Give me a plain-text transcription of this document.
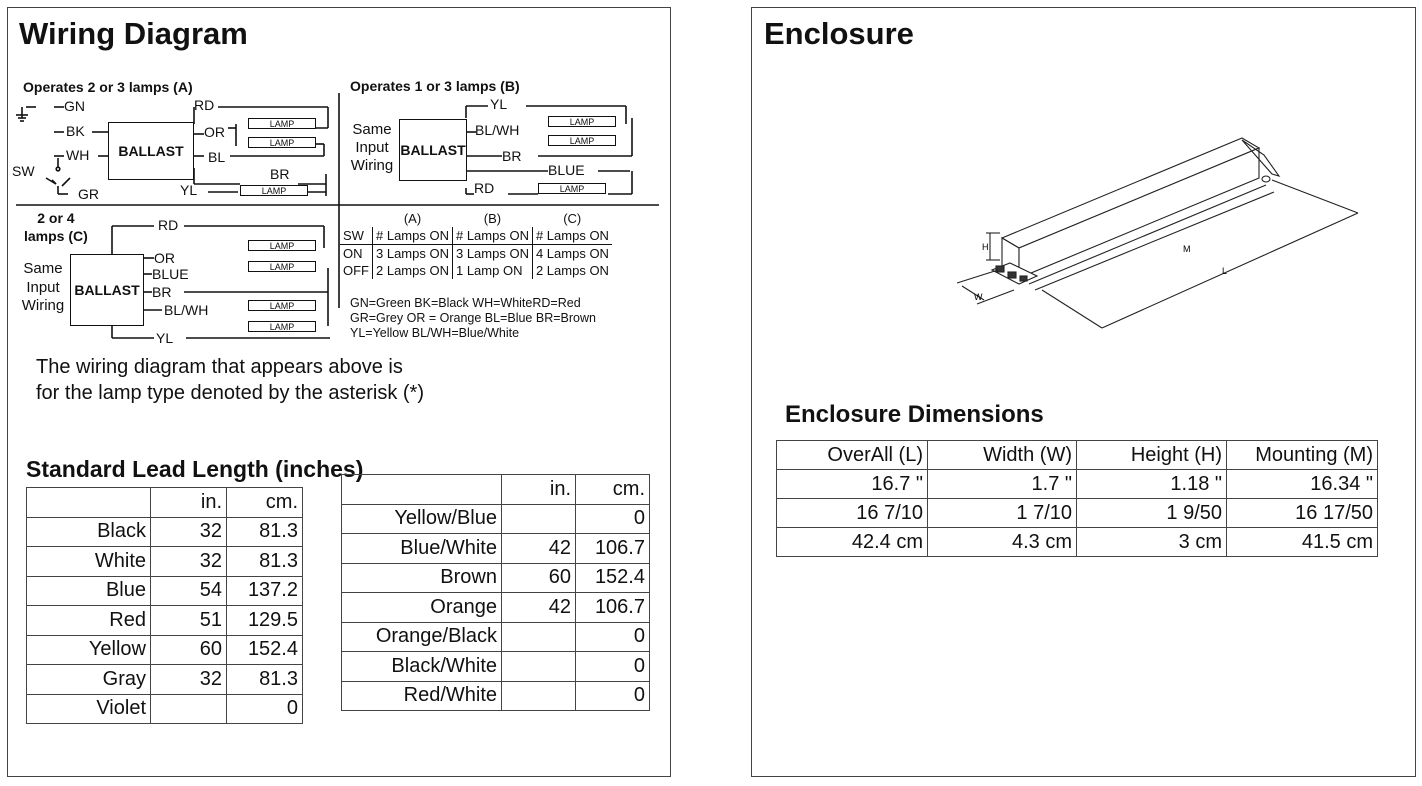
Wiring Diagram
Operates 2 or 3 lamps (A)
GN
BK
WH
GR
SW
BALLAST
RD
OR
BL
BR
YL
LAMP
LAMP
LAMP
Operates 1 or 3 lamps (B)
Same
Input
Wiring
BALLAST
YL
BL/WH
BR
BLUE
RD
LAMP
LAMP
LAMP
2 or 4
lamps (C)
Same
Input
Wiring
BALLAST
RD
OR
BLUE
BR
BL/WH
YL
LAMP
LAMP
LAMP
LAMP
	(A)	(B)	(C)
SW	# Lamps ON	# Lamps ON	# Lamps ON
ON	3 Lamps ON	3 Lamps ON	4 Lamps ON
OFF	2 Lamps ON	1 Lamp ON	2 Lamps ON
GN=Green BK=Black WH=WhiteRD=Red
GR=Grey OR = Orange BL=Blue BR=Brown
YL=Yellow BL/WH=Blue/White
The wiring diagram that appears above is
for the lamp type denoted by the asterisk (*)
Standard Lead Length (inches)
	in.	cm.
Black	32	81.3
White	32	81.3
Blue	54	137.2
Red	51	129.5
Yellow	60	152.4
Gray	32	81.3
Violet		0
	in.	cm.
Yellow/Blue		0
Blue/White	42	106.7
Brown	60	152.4
Orange	42	106.7
Orange/Black		0
Black/White		0
Red/White		0
Enclosure
H
W
M
L
Enclosure Dimensions
OverAll (L)	Width (W)	Height (H)	Mounting (M)
16.7 "	1.7 "	1.18 "	16.34 "
16 7/10	1 7/10	1 9/50	16 17/50
42.4 cm	4.3 cm	3 cm	41.5 cm
